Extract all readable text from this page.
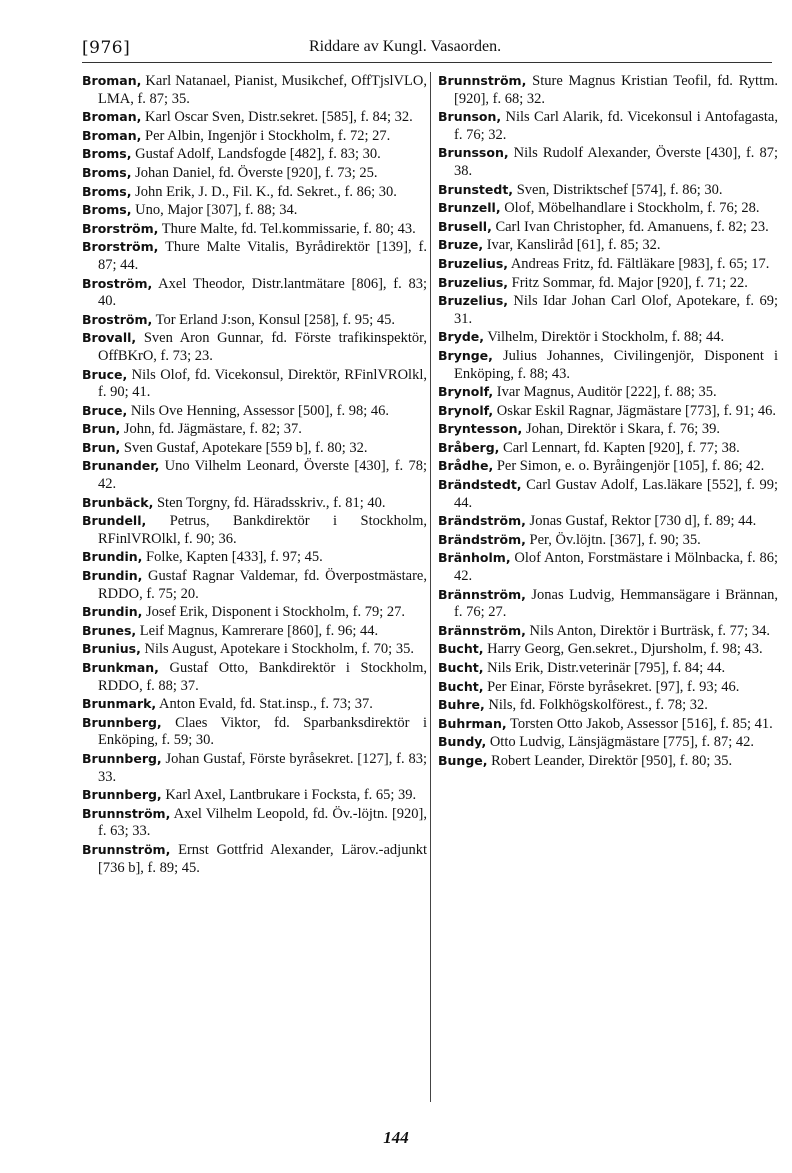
[976]	Riddare av Kungl. Vasaorden.

Broman, Karl Natanael, Pianist, Musikchef, OffTjslVLO, LMA, f. 87; 35.

Broman, Karl Oscar Sven, Distr.sekret. [585], f. 84; 32.

Broman, Per Albin, Ingenjör i Stockholm, f. 72; 27.

Broms, Gustaf Adolf, Landsfogde [482], f. 83; 30.

Broms, Johan Daniel, fd. Överste [920], f. 73; 25.

Broms, John Erik, J. D., Fil. K., fd. Sekret., f. 86; 30.

Broms, Uno, Major [307], f. 88; 34.

Brorström, Thure Malte, fd. Tel.kommissarie, f. 80; 43.

Brorström, Thure Malte Vitalis, Byrådirektör [139], f. 87; 44.

Broström, Axel Theodor, Distr.lantmätare [806], f. 83; 40.

Broström, Tor Erland J:son, Konsul [258], f. 95; 45.

Brovall, Sven Aron Gunnar, fd. Förste trafikinspektör, OffBKrO, f. 73; 23.

Bruce, Nils Olof, fd. Vicekonsul, Direktör, RFinlVROlkl, f. 90; 41.

Bruce, Nils Ove Henning, Assessor [500], f. 98; 46.

Brun, John, fd. Jägmästare, f. 82; 37.

Brun, Sven Gustaf, Apotekare [559 b], f. 80; 32.

Brunander, Uno Vilhelm Leonard, Överste [430], f. 78; 42.

Brunbäck, Sten Torgny, fd. Häradsskriv., f. 81; 40.

Brundell, Petrus, Bankdirektör i Stockholm, RFinlVROlkl, f. 90; 36.

Brundin, Folke, Kapten [433], f. 97; 45.

Brundin, Gustaf Ragnar Valdemar, fd. Överpostmästare, RDDO, f. 75; 20.

Brundin, Josef Erik, Disponent i Stockholm, f. 79; 27.

Brunes, Leif Magnus, Kamrerare [860], f. 96; 44.

Brunius, Nils August, Apotekare i Stockholm, f. 70; 35.

Brunkman, Gustaf Otto, Bankdirektör i Stockholm, RDDO, f. 88; 37.

Brunmark, Anton Evald, fd. Stat.insp., f. 73; 37.

Brunnberg, Claes Viktor, fd. Sparbanksdirektör i Enköping, f. 59; 30.

Brunnberg, Johan Gustaf, Förste byråsekret. [127], f. 83; 33.

Brunnberg, Karl Axel, Lantbrukare i Focksta, f. 65; 39.

Brunnström, Axel Vilhelm Leopold, fd. Öv.-löjtn. [920], f. 63; 33.

Brunnström, Ernst Gottfrid Alexander, Lärov.-adjunkt [736 b], f. 89; 45.

Brunnström, Sture Magnus Kristian Teofil, fd. Ryttm. [920], f. 68; 32.

Brunson, Nils Carl Alarik, fd. Vicekonsul i Antofagasta, f. 76; 32.

Brunsson, Nils Rudolf Alexander, Överste [430], f. 87; 38.

Brunstedt, Sven, Distriktschef [574], f. 86; 30.

Brunzell, Olof, Möbelhandlare i Stockholm, f. 76; 28.

Brusell, Carl Ivan Christopher, fd. Amanuens, f. 82; 23.

Bruze, Ivar, Kanslіråd [61], f. 85; 32.

Bruzelius, Andreas Fritz, fd. Fältläkare [983], f. 65; 17.

Bruzelius, Fritz Sommar, fd. Major [920], f. 71; 22.

Bruzelius, Nils Idar Johan Carl Olof, Apotekare, f. 69; 31.

Bryde, Vilhelm, Direktör i Stockholm, f. 88; 44.

Brynge, Julius Johannes, Civilingenjör, Disponent i Enköping, f. 88; 43.

Brynolf, Ivar Magnus, Auditör [222], f. 88; 35.

Brynolf, Oskar Eskil Ragnar, Jägmästare [773], f. 91; 46.

Bryntesson, Johan, Direktör i Skara, f. 76; 39.

Bråberg, Carl Lennart, fd. Kapten [920], f. 77; 38.

Brådhe, Per Simon, e. o. Byråingenjör [105], f. 86; 42.

Brändstedt, Carl Gustav Adolf, Las.läkare [552], f. 99; 44.

Brändström, Jonas Gustaf, Rektor [730 d], f. 89; 44.

Brändström, Per, Öv.löjtn. [367], f. 90; 35.

Bränholm, Olof Anton, Forstmästare i Mölnbacka, f. 86; 42.

Brännström, Jonas Ludvig, Hemmansägare i Brännan, f. 76; 27.

Brännström, Nils Anton, Direktör i Burträsk, f. 77; 34.

Bucht, Harry Georg, Gen.sekret., Djursholm, f. 98; 43.

Bucht, Nils Erik, Distr.veterinär [795], f. 84; 44.

Bucht, Per Einar, Förste byråsekret. [97], f. 93; 46.

Buhre, Nils, fd. Folkhögskolförest., f. 78; 32.

Buhrman, Torsten Otto Jakob, Assessor [516], f. 85; 41.

Bundy, Otto Ludvig, Länsjägmästare [775], f. 87; 42.

Bunge, Robert Leander, Direktör [950], f. 80; 35.

144
